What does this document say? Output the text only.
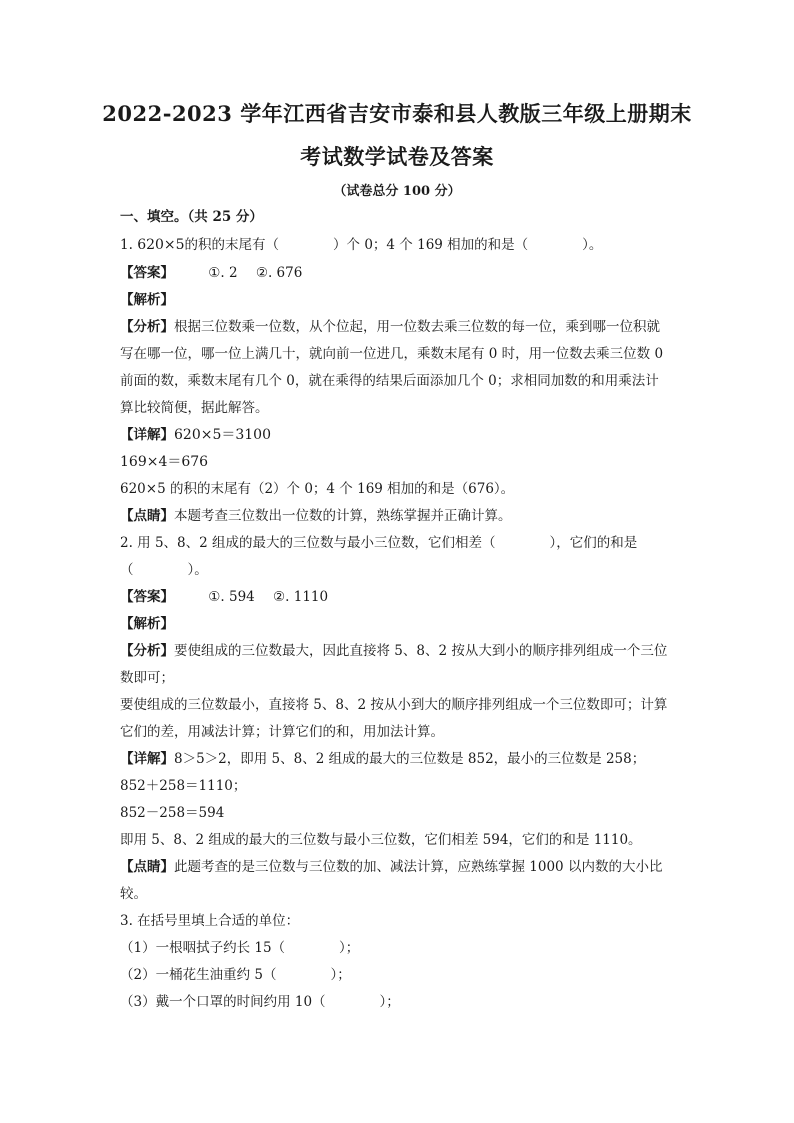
2022-2023 学年江西省吉安市泰和县人教版三年级上册期末
考试数学试卷及答案
（试卷总分 100 分）
一、填空。（共 25 分）
1. 620×5的积的末尾有（　　　　）个 0；4 个 169 相加的和是（　　　　）。
【答案】	①. 2 ②. 676
【解析】
【分析】根据三位数乘一位数，从个位起，用一位数去乘三位数的每一位，乘到哪一位积就
写在哪一位，哪一位上满几十，就向前一位进几，乘数末尾有 0 时，用一位数去乘三位数 0
前面的数，乘数末尾有几个 0，就在乘得的结果后面添加几个 0；求相同加数的和用乘法计
算比较简便，据此解答。
【详解】620×5＝3100
169×4＝676
620×5 的积的末尾有（2）个 0；4 个 169 相加的和是（676）。
【点睛】本题考查三位数出一位数的计算，熟练掌握并正确计算。
2. 用 5、8、2 组成的最大的三位数与最小三位数，它们相差（　　　　），它们的和是
（　　　　）。
【答案】	①. 594 ②. 1110
【解析】
【分析】要使组成的三位数最大，因此直接将 5、8、2 按从大到小的顺序排列组成一个三位
数即可；
要使组成的三位数最小，直接将 5、8、2 按从小到大的顺序排列组成一个三位数即可；计算
它们的差，用减法计算；计算它们的和，用加法计算。
【详解】8＞5＞2，即用 5、8、2 组成的最大的三位数是 852，最小的三位数是 258；
852＋258＝1110；
852－258＝594
即用 5、8、2 组成的最大的三位数与最小三位数，它们相差 594，它们的和是 1110。
【点睛】此题考查的是三位数与三位数的加、减法计算，应熟练掌握 1000 以内数的大小比
较。
3. 在括号里填上合适的单位：
（1）一根咽拭子约长 15（　　　　）；
（2）一桶花生油重约 5（　　　　）；
（3）戴一个口罩的时间约用 10（　　　　）；
